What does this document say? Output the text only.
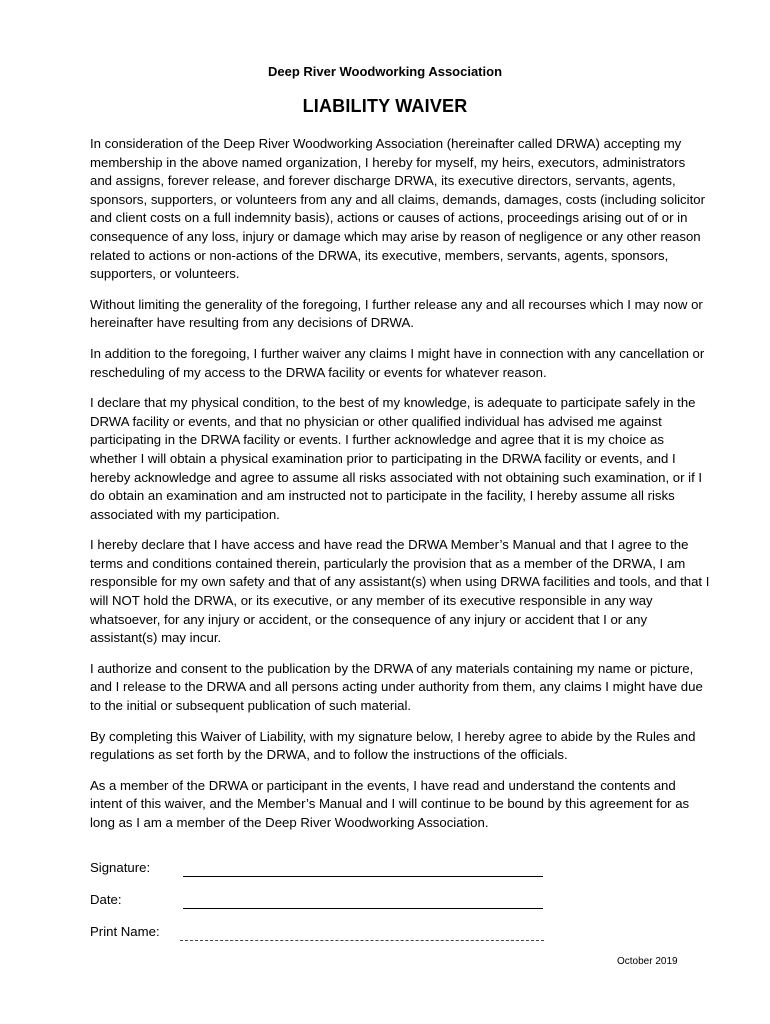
Deep River Woodworking Association
LIABILITY WAIVER

In consideration of the Deep River Woodworking Association (hereinafter called DRWA) accepting my membership in the above named organization, I hereby for myself, my heirs, executors, administrators and assigns, forever release, and forever discharge DRWA, its executive directors, servants, agents, sponsors, supporters, or volunteers from any and all claims, demands, damages, costs (including solicitor and client costs on a full indemnity basis), actions or causes of actions, proceedings arising out of or in consequence of any loss, injury or damage which may arise by reason of negligence or any other reason related to actions or non-actions of the DRWA, its executive, members, servants, agents, sponsors, supporters, or volunteers.

Without limiting the generality of the foregoing, I further release any and all recourses which I may now or hereinafter have resulting from any decisions of DRWA.

In addition to the foregoing, I further waiver any claims I might have in connection with any cancellation or rescheduling of my access to the DRWA facility or events for whatever reason.

I declare that my physical condition, to the best of my knowledge, is adequate to participate safely in the DRWA facility or events, and that no physician or other qualified individual has advised me against participating in the DRWA facility or events. I further acknowledge and agree that it is my choice as whether I will obtain a physical examination prior to participating in the DRWA facility or events, and I hereby acknowledge and agree to assume all risks associated with not obtaining such examination, or if I do obtain an examination and am instructed not to participate in the facility, I hereby assume all risks associated with my participation.

I hereby declare that I have access and have read the DRWA Member’s Manual and that I agree to the terms and conditions contained therein, particularly the provision that as a member of the DRWA, I am responsible for my own safety and that of any assistant(s) when using DRWA facilities and tools, and that I will NOT hold the DRWA, or its executive, or any member of its executive responsible in any way whatsoever, for any injury or accident, or the consequence of any injury or accident that I or any assistant(s) may incur.

I authorize and consent to the publication by the DRWA of any materials containing my name or picture, and I release to the DRWA and all persons acting under authority from them, any claims I might have due to the initial or subsequent publication of such material.

By completing this Waiver of Liability, with my signature below, I hereby agree to abide by the Rules and regulations as set forth by the DRWA, and to follow the instructions of the officials.

As a member of the DRWA or participant in the events, I have read and understand the contents and intent of this waiver, and the Member’s Manual and I will continue to be bound by this agreement for as long as I am a member of the Deep River Woodworking Association.

Signature:
Date:
Print Name:
October 2019
